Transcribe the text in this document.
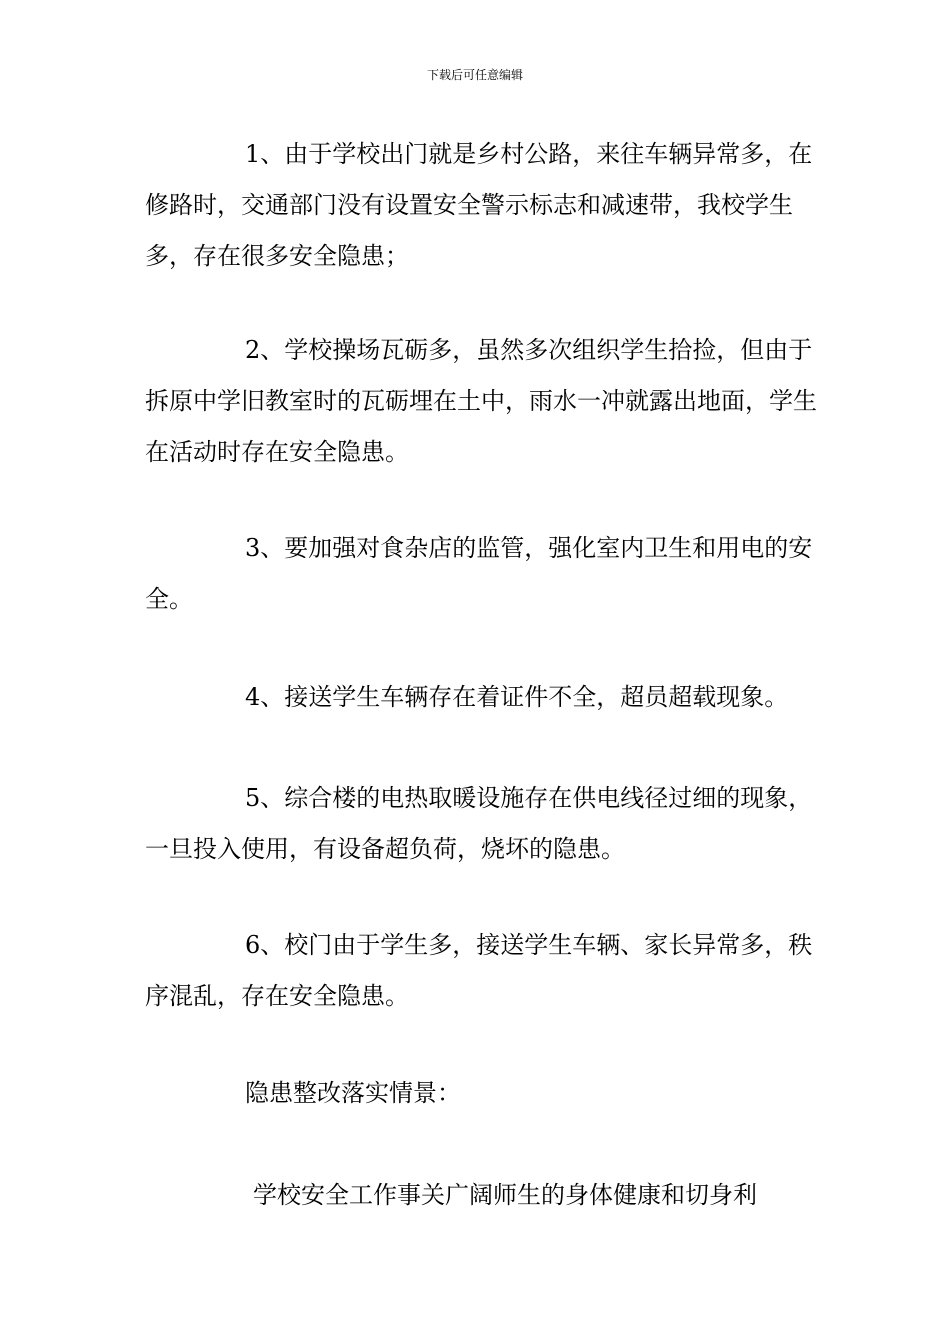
下载后可任意编辑

1、由于学校出门就是乡村公路，来往车辆异常多，在修路时，交通部门没有设置安全警示标志和减速带，我校学生多，存在很多安全隐患；

2、学校操场瓦砺多，虽然多次组织学生拾捡，但由于拆原中学旧教室时的瓦砺埋在土中，雨水一冲就露出地面，学生在活动时存在安全隐患。

3、要加强对食杂店的监管，强化室内卫生和用电的安全。

4、接送学生车辆存在着证件不全，超员超载现象。

5、综合楼的电热取暖设施存在供电线径过细的现象，一旦投入使用，有设备超负荷，烧坏的隐患。

6、校门由于学生多，接送学生车辆、家长异常多，秩序混乱，存在安全隐患。

隐患整改落实情景：

学校安全工作事关广阔师生的身体健康和切身利
